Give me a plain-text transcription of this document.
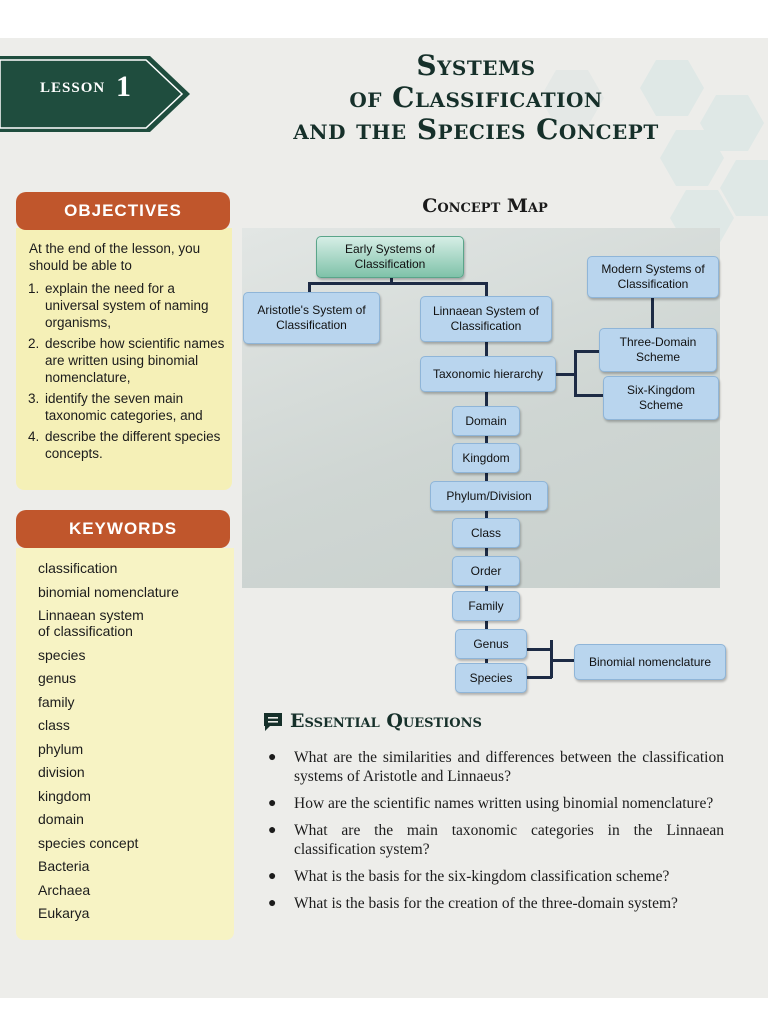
LESSON 1
Systems
of Classification
and the Species Concept
OBJECTIVES
At the end of the lesson, you should be able to
1. explain the need for a universal system of naming organisms,
2. describe how scientific names are written using binomial nomenclature,
3. identify the seven main taxonomic categories, and
4. describe the different species concepts.
KEYWORDS
classification
binomial nomenclature
Linnaean system of classification
species
genus
family
class
phylum
division
kingdom
domain
species concept
Bacteria
Archaea
Eukarya
Concept Map
Early Systems of Classification	Modern Systems of Classification
Aristotle's System of Classification
Linnaean System of Classification
Three-Domain Scheme
Six-Kingdom Scheme
Taxonomic hierarchy
Domain
Kingdom
Phylum/Division
Class
Order
Family
Genus
Species
Binomial nomenclature
Essential Questions
● What are the similarities and differences between the classification systems of Aristotle and Linnaeus?
● How are the scientific names written using binomial nomenclature?
● What are the main taxonomic categories in the Linnaean classification system?
● What is the basis for the six-kingdom classification scheme?
● What is the basis for the creation of the three-domain system?
